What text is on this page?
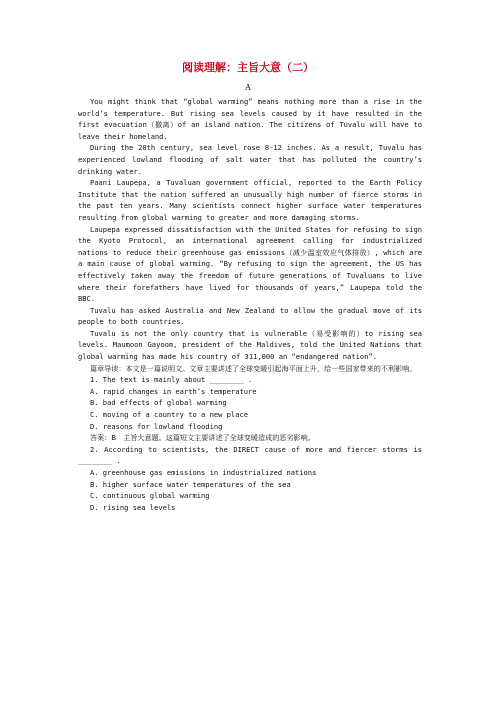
阅读理解：主旨大意（二）
A

You might think that “global warming” means nothing more than a rise in the world’s temperature. But rising sea levels caused by it have resulted in the first evacuation（撤离）of an island nation. The citizens of Tuvalu will have to leave their homeland.

During the 20th century, sea level rose 8-12 inches. As a result, Tuvalu has experienced lowland flooding of salt water that has polluted the country’s drinking water.

Paani Laupepa, a Tuvaluan government official, reported to the Earth Policy Institute that the nation suffered an unusually high number of fierce storms in the past ten years. Many scientists connect higher surface water temperatures resulting from global warming to greater and more damaging storms.

Laupepa expressed dissatisfaction with the United States for refusing to sign the Kyoto Protocol, an international agreement calling for industrialized nations to reduce their greenhouse gas emissions（减少温室效应气体排放）, which are a main cause of global warming. “By refusing to sign the agreement, the US has effectively taken away the freedom of future generations of Tuvaluans to live where their forefathers have lived for thousands of years,” Laupepa told the BBC.

Tuvalu has asked Australia and New Zealand to allow the gradual move of its people to both countries.

Tuvalu is not the only country that is vulnerable（易受影响的）to rising sea levels. Maumoon Gayoom, president of the Maldives, told the United Nations that global warming has made his country of 311,000 an “endangered nation”.

篇章导读：本文是一篇说明文。文章主要讲述了全球变暖引起海平面上升，给一些国家带来的不利影响。

1. The text is mainly about ________ .

A. rapid changes in earth’s temperature

B. bad effects of global warming

C. moving of a country to a new place

D. reasons for lowland flooding

答案：B　主旨大意题。这篇短文主要讲述了全球变暖造成的恶劣影响。

2. According to scientists, the DIRECT cause of more and fiercer storms is ________ .

A. greenhouse gas emissions in industrialized nations

B. higher surface water temperatures of the sea

C. continuous global warming

D. rising sea levels
